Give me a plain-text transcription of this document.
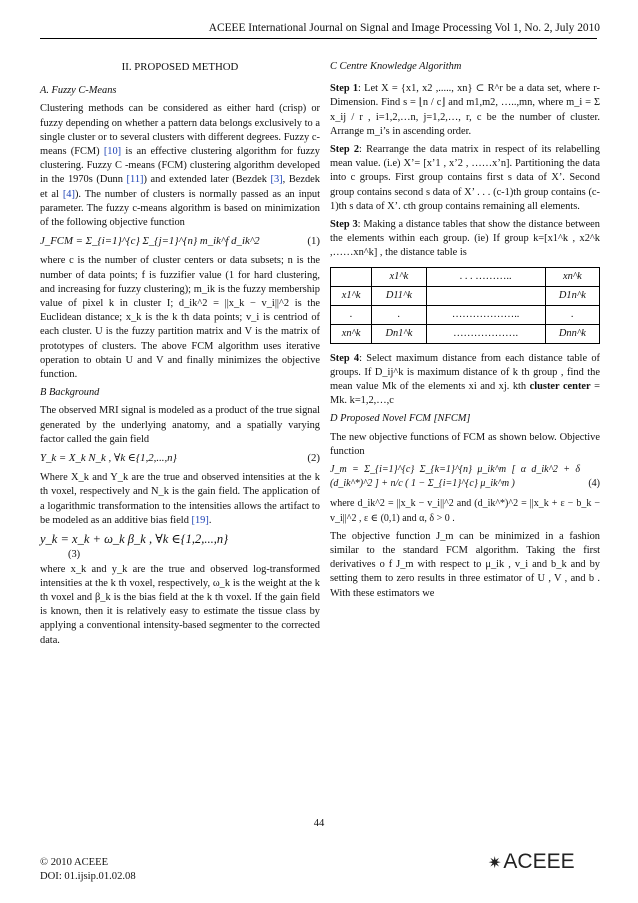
ACEEE International Journal on Signal and Image Processing Vol 1, No. 2, July 2010
II. PROPOSED METHOD
A. Fuzzy C-Means

Clustering methods can be considered as either hard (crisp) or fuzzy depending on whether a pattern data belongs exclusively to a single cluster or to several clusters with different degrees. Fuzzy c-means (FCM) [10] is an effective clustering algorithm for fuzzy clustering. Fuzzy C -means (FCM) clustering algorithm developed in the 1970s (Dunn [11]) and extended later (Bezdek [3], Bezdek et al [4]). The number of clusters is normally passed as an input parameter. The fuzzy c-means algorithm is based on minimization of the following objective function

J_FCM = Σ_{i=1}^{c} Σ_{j=1}^{n} m_ik^f d_ik^2	(1)

where c is the number of cluster centers or data subsets; n is the number of data points; f is fuzzifier value (1 for hard clustering, and increasing for fuzzy clustering); m_ik is the fuzzy membership value of pixel k in cluster I; d_ik^2 = ||x_k − v_i||^2 is the Euclidean distance; x_k is the k th data points; v_i is centriod of each cluster. U is the fuzzy partition matrix and V is the matrix of prototypes of clusters. The above FCM algorithm uses iterative operation to obtain U and V and finally minimizes the objective function.

B Background

The observed MRI signal is modeled as a product of the true signal generated by the underlying anatomy, and a spatially varying factor called the gain field

Y_k = X_k N_k , ∀k ∈{1,2,...,n}	(2)

Where X_k and Y_k are the true and observed intensities at the k th voxel, respectively and N_k is the gain field. The application of a logarithmic transformation to the intensities allows the artifact to be modeled as an additive bias field [19].

y_k = x_k + ω_k β_k , ∀k ∈{1,2,...,n}
(3)

where x_k and y_k are the true and observed log-transformed intensities at the k th voxel, respectively, ω_k is the weight at the k th voxel and β_k is the bias field at the k th voxel. If the gain field is known, then it is relatively easy to estimate the tissue class by applying a conventional intensity-based segmenter to the corrected data.

C Centre Knowledge Algorithm

Step 1: Let X = {x1, x2 ,....., xn} ⊂ R^r be a data set, where r-Dimension. Find s = ⌊n / c⌋ and m1,m2, …..,mn, where m_i = Σ x_ij / r , i=1,2,…n, j=1,2,…, r, c be the number of cluster. Arrange m_i’s in ascending order.

Step 2: Rearrange the data matrix in respect of its relabelling mean value. (i.e) X’= [x’1 , x’2 , ……x’n]. Partitioning the data into c groups. First group contains first s data of X’. Second group contains second s data of X’ . . . (c-1)th group contains (c-1)th s data of X’. cth group contains remaining all elements.

Step 3: Making a distance tables that show the distance between the elements within each group. (ie) If group k=[x1^k , x2^k ,……xn^k] , the distance table is

	x1^k	. . . ………..	xn^k
x1^k	D11^k		D1n^k
.	.	………………..	.
xn^k	Dn1^k	……………….	Dnn^k

Step 4: Select maximum distance from each distance table of groups. If D_ij^k is maximum distance of k th group , find the mean value Mk of the elements xi and xj. kth cluster center = Mk. k=1,2,…,c

D Proposed Novel FCM [NFCM]

The new objective functions of FCM as shown below. Objective function

J_m = Σ_{i=1}^{c} Σ_{k=1}^{n} μ_ik^m [ α d_ik^2 + δ (d_ik^*)^2 ] + n/c ( 1 − Σ_{i=1}^{c} μ_ik^m )	(4)

where d_ik^2 = ||x_k − v_i||^2 and (d_ik^*)^2 = ||x_k + ε − b_k − v_i||^2 , ε ∈ (0,1) and α, δ > 0 .

The objective function J_m can be minimized in a fashion similar to the standard FCM algorithm. Taking the first derivatives o f J_m with respect to μ_ik , v_i and b_k and by setting them to zero results in three estimator of U , V , and b . With these estimators we

44
© 2010 ACEEE
DOI: 01.ijsip.01.02.08
✷ACEEE
